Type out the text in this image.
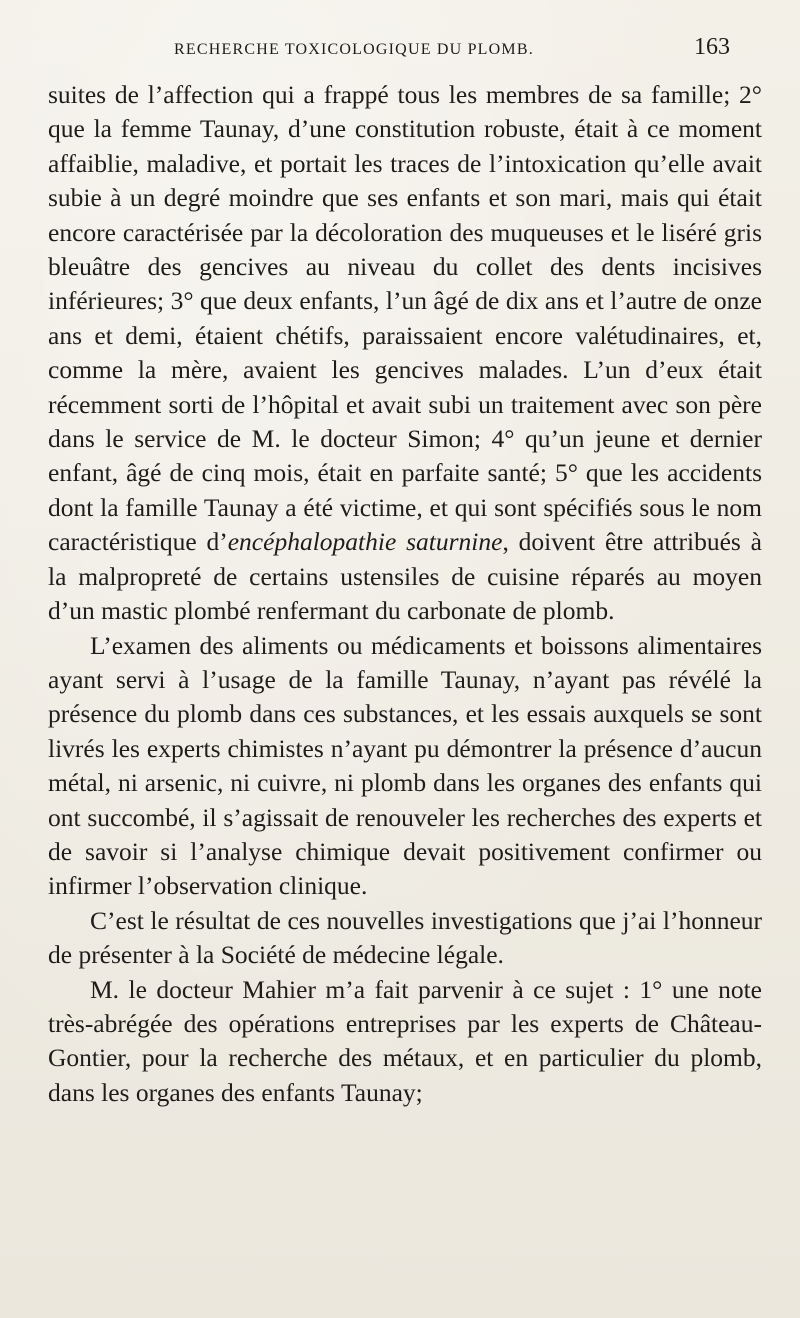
RECHERCHE TOXICOLOGIQUE DU PLOMB.	163

suites de l’affection qui a frappé tous les membres de sa famille; 2° que la femme Taunay, d’une constitution robuste, était à ce moment affaiblie, maladive, et portait les traces de l’intoxication qu’elle avait subie à un degré moindre que ses enfants et son mari, mais qui était encore caractérisée par la décoloration des muqueuses et le liséré gris bleuâtre des gencives au niveau du collet des dents incisives inférieures; 3° que deux enfants, l’un âgé de dix ans et l’autre de onze ans et demi, étaient chétifs, paraissaient encore valétudinaires, et, comme la mère, avaient les gencives malades. L’un d’eux était récemment sorti de l’hôpital et avait subi un traitement avec son père dans le service de M. le docteur Simon; 4° qu’un jeune et dernier enfant, âgé de cinq mois, était en parfaite santé; 5° que les accidents dont la famille Taunay a été victime, et qui sont spécifiés sous le nom caractéristique d’encéphalopathie saturnine, doivent être attribués à la malpropreté de certains ustensiles de cuisine réparés au moyen d’un mastic plombé renfermant du carbonate de plomb.

L’examen des aliments ou médicaments et boissons alimentaires ayant servi à l’usage de la famille Taunay, n’ayant pas révélé la présence du plomb dans ces substances, et les essais auxquels se sont livrés les experts chimistes n’ayant pu démontrer la présence d’aucun métal, ni arsenic, ni cuivre, ni plomb dans les organes des enfants qui ont succombé, il s’agissait de renouveler les recherches des experts et de savoir si l’analyse chimique devait positivement confirmer ou infirmer l’observation clinique.

C’est le résultat de ces nouvelles investigations que j’ai l’honneur de présenter à la Société de médecine légale.

M. le docteur Mahier m’a fait parvenir à ce sujet : 1° une note très-abrégée des opérations entreprises par les experts de Château-Gontier, pour la recherche des métaux, et en particulier du plomb, dans les organes des enfants Taunay;
